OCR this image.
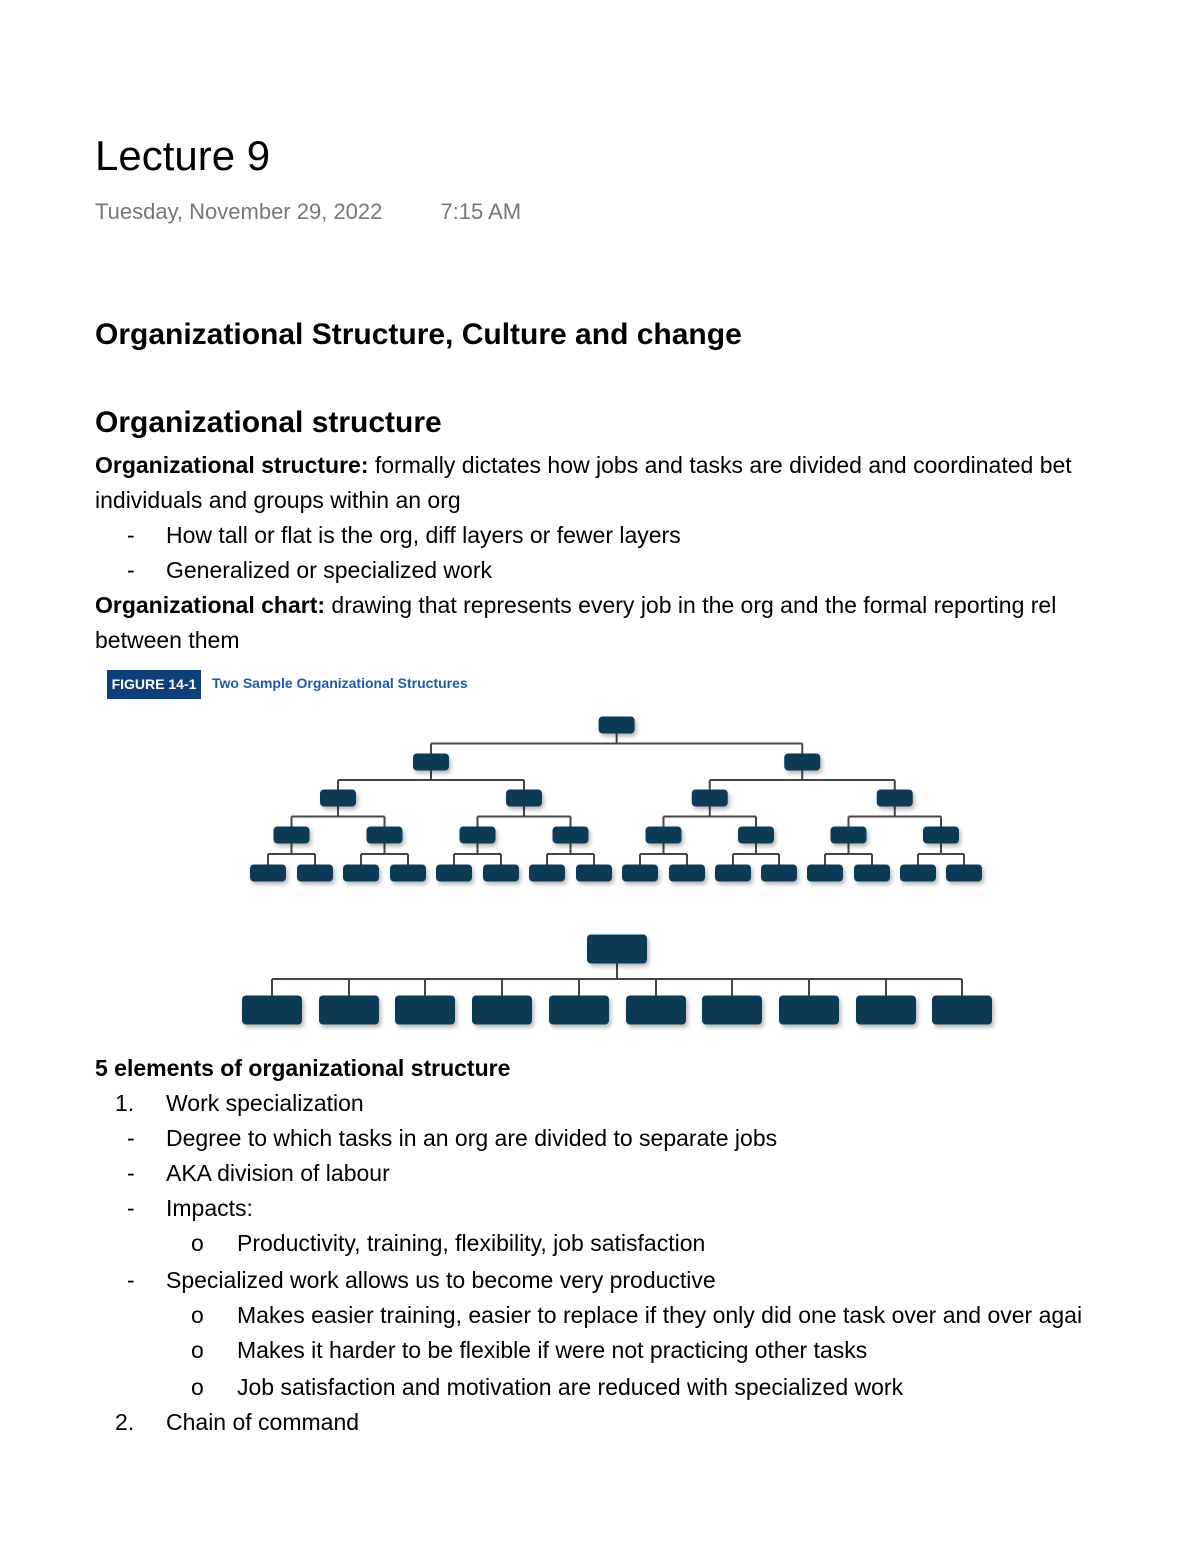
Lecture 9
Tuesday, November 29, 2022	7:15 AM
Organizational Structure, Culture and change
Organizational structure
Organizational structure: formally dictates how jobs and tasks are divided and coordinated bet
individuals and groups within an org
- How tall or flat is the org, diff layers or fewer layers
- Generalized or specialized work
Organizational chart: drawing that represents every job in the org and the formal reporting rel
between them
FIGURE 14-1	Two Sample Organizational Structures
5 elements of organizational structure
1. Work specialization
- Degree to which tasks in an org are divided to separate jobs
- AKA division of labour
- Impacts:
o Productivity, training, flexibility, job satisfaction
- Specialized work allows us to become very productive
o Makes easier training, easier to replace if they only did one task over and over agai
o Makes it harder to be flexible if were not practicing other tasks
o Job satisfaction and motivation are reduced with specialized work
2. Chain of command
